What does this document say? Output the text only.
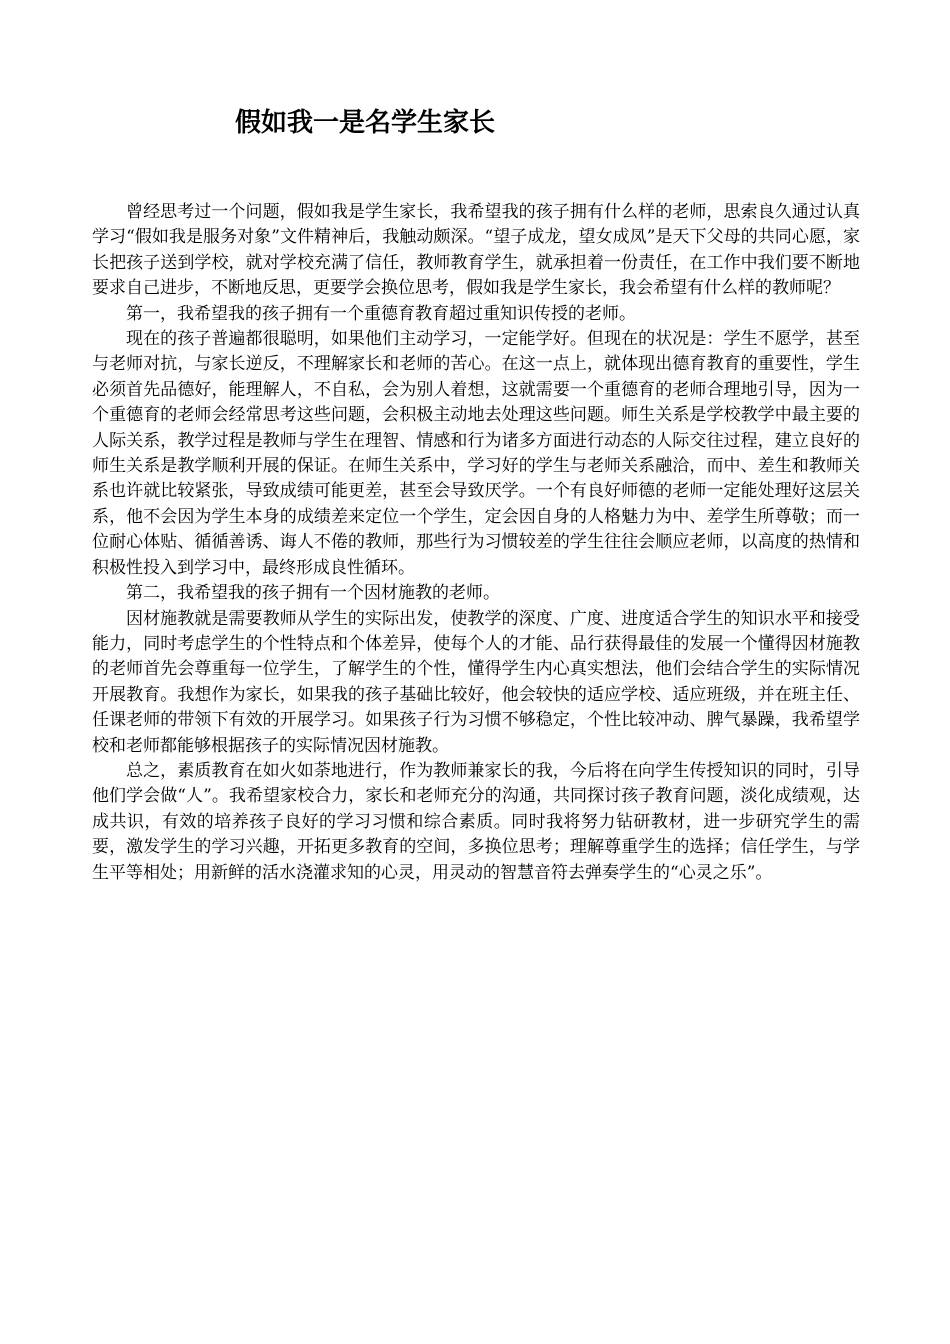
假如我一是名学生家长

曾经思考过一个问题，假如我是学生家长，我希望我的孩子拥有什么样的老师，思索良久通过认真学习“假如我是服务对象”文件精神后，我触动颇深。“望子成龙，望女成凤”是天下父母的共同心愿，家长把孩子送到学校，就对学校充满了信任，教师教育学生，就承担着一份责任，在工作中我们要不断地要求自己进步，不断地反思，更要学会换位思考，假如我是学生家长，我会希望有什么样的教师呢？

第一，我希望我的孩子拥有一个重德育教育超过重知识传授的老师。

现在的孩子普遍都很聪明，如果他们主动学习，一定能学好。但现在的状况是：学生不愿学，甚至与老师对抗，与家长逆反，不理解家长和老师的苦心。在这一点上，就体现出德育教育的重要性，学生必须首先品德好，能理解人，不自私，会为别人着想，这就需要一个重德育的老师合理地引导，因为一个重德育的老师会经常思考这些问题，会积极主动地去处理这些问题。师生关系是学校教学中最主要的人际关系，教学过程是教师与学生在理智、情感和行为诸多方面进行动态的人际交往过程，建立良好的师生关系是教学顺利开展的保证。在师生关系中，学习好的学生与老师关系融洽，而中、差生和教师关系也许就比较紧张，导致成绩可能更差，甚至会导致厌学。一个有良好师德的老师一定能处理好这层关系，他不会因为学生本身的成绩差来定位一个学生，定会因自身的人格魅力为中、差学生所尊敬；而一位耐心体贴、循循善诱、诲人不倦的教师，那些行为习惯较差的学生往往会顺应老师，以高度的热情和积极性投入到学习中，最终形成良性循环。

第二，我希望我的孩子拥有一个因材施教的老师。

因材施教就是需要教师从学生的实际出发，使教学的深度、广度、进度适合学生的知识水平和接受能力，同时考虑学生的个性特点和个体差异，使每个人的才能、品行获得最佳的发展一个懂得因材施教的老师首先会尊重每一位学生，了解学生的个性，懂得学生内心真实想法，他们会结合学生的实际情况开展教育。我想作为家长，如果我的孩子基础比较好，他会较快的适应学校、适应班级，并在班主任、任课老师的带领下有效的开展学习。如果孩子行为习惯不够稳定，个性比较冲动、脾气暴躁，我希望学校和老师都能够根据孩子的实际情况因材施教。

总之，素质教育在如火如荼地进行，作为教师兼家长的我，今后将在向学生传授知识的同时，引导他们学会做“人”。我希望家校合力，家长和老师充分的沟通，共同探讨孩子教育问题，淡化成绩观，达成共识，有效的培养孩子良好的学习习惯和综合素质。同时我将努力钻研教材，进一步研究学生的需要，激发学生的学习兴趣，开拓更多教育的空间，多换位思考；理解尊重学生的选择；信任学生，与学生平等相处；用新鲜的活水浇灌求知的心灵，用灵动的智慧音符去弹奏学生的“心灵之乐”。
